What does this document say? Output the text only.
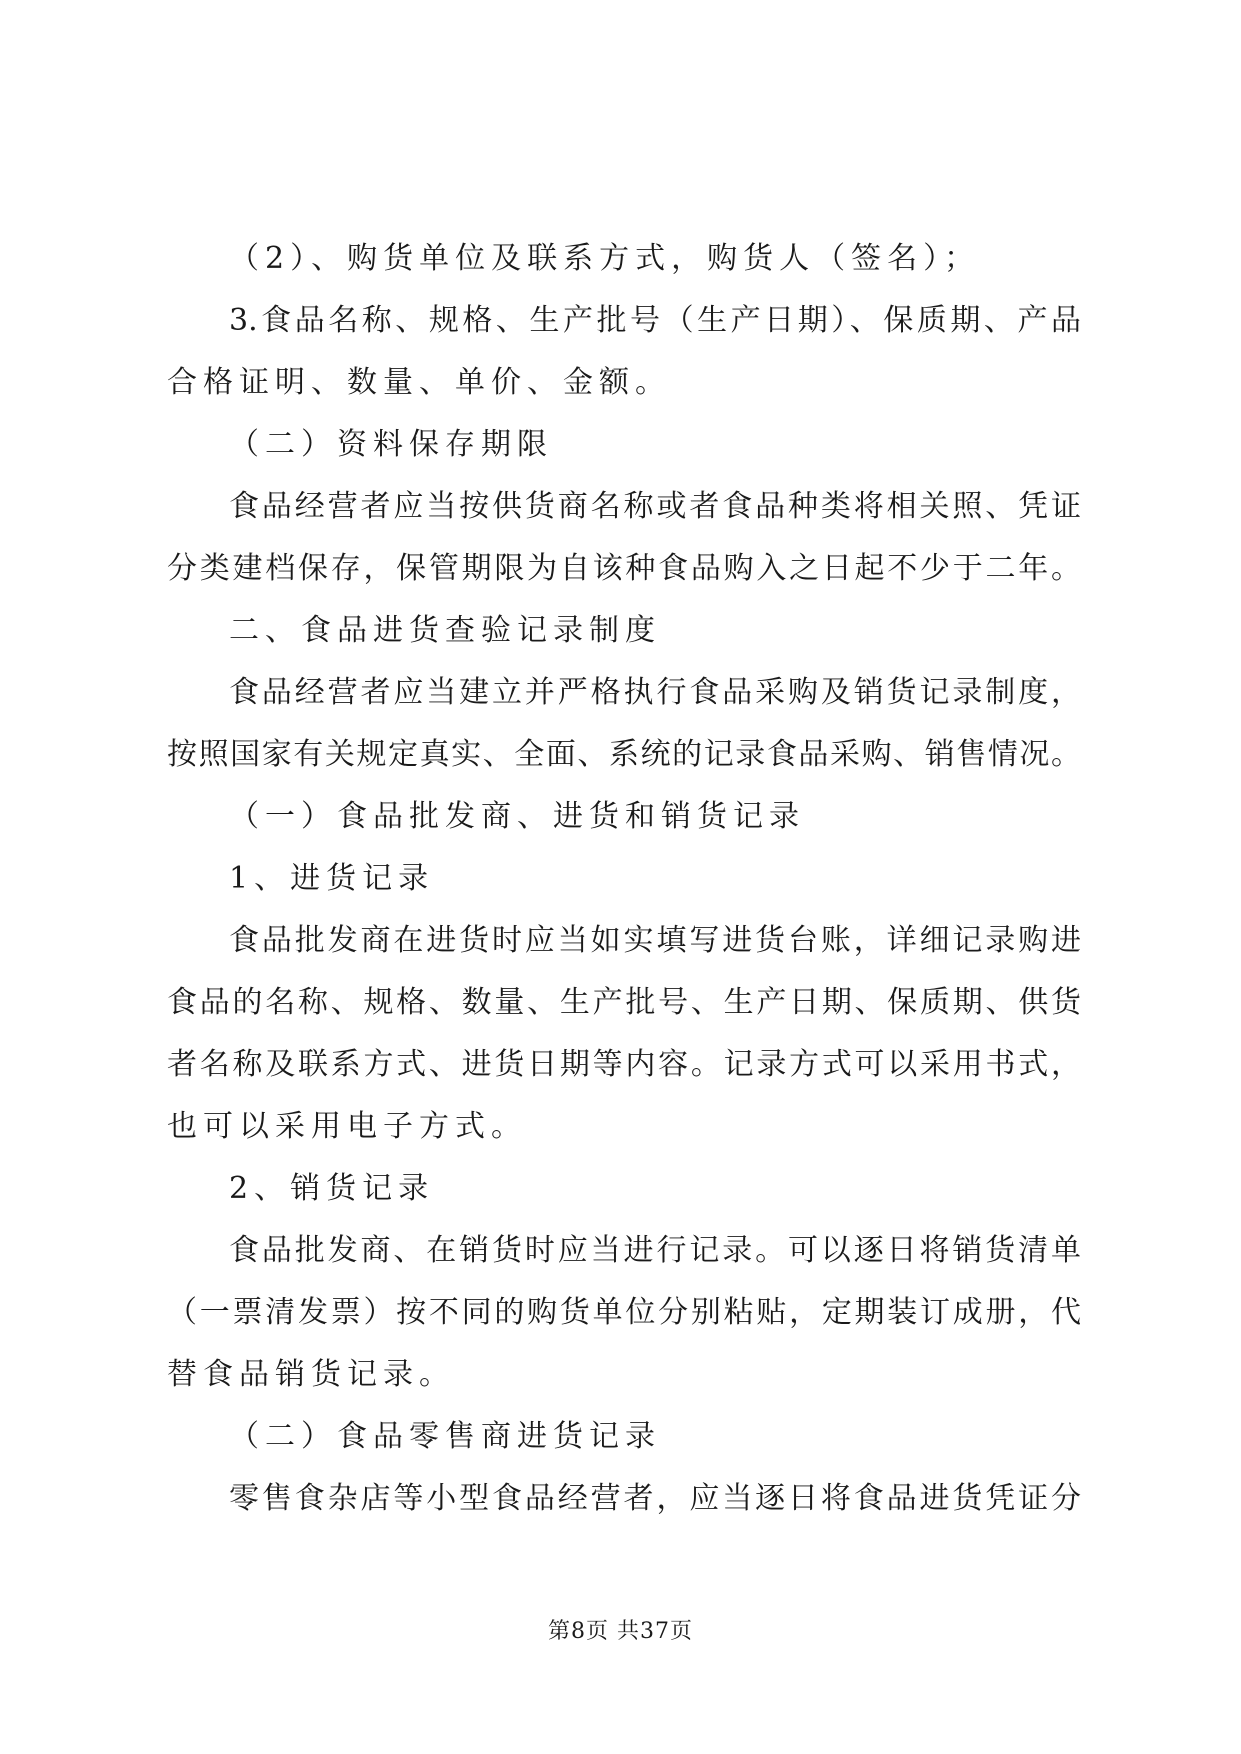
（2）、购货单位及联系方式，购货人（签名）；
3.食品名称、规格、生产批号（生产日期）、保质期、产品
合格证明、数量、单价、金额。
（二）资料保存期限
食品经营者应当按供货商名称或者食品种类将相关照、凭证
分类建档保存，保管期限为自该种食品购入之日起不少于二年。
二、食品进货查验记录制度
食品经营者应当建立并严格执行食品采购及销货记录制度，
按照国家有关规定真实、全面、系统的记录食品采购、销售情况。
（一）食品批发商、进货和销货记录
1、进货记录
食品批发商在进货时应当如实填写进货台账，详细记录购进
食品的名称、规格、数量、生产批号、生产日期、保质期、供货
者名称及联系方式、进货日期等内容。记录方式可以采用书式，
也可以采用电子方式。
2、销货记录
食品批发商、在销货时应当进行记录。可以逐日将销货清单
（一票清发票）按不同的购货单位分别粘贴，定期装订成册，代
替食品销货记录。
（二）食品零售商进货记录
零售食杂店等小型食品经营者，应当逐日将食品进货凭证分
第8页 共37页
